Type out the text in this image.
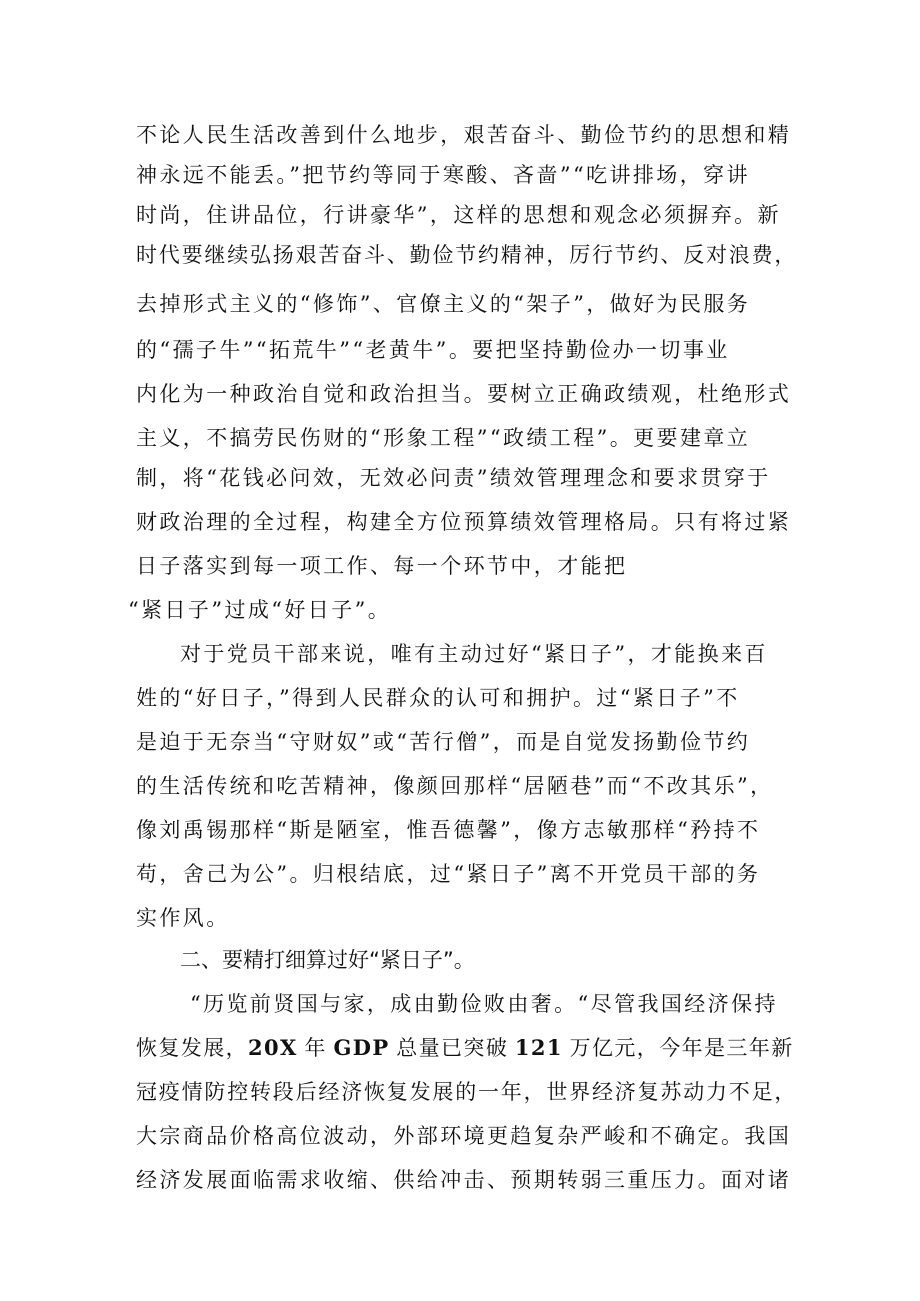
不论人民生活改善到什么地步，艰苦奋斗、勤俭节约的思想和精
神永远不能丢。”把节约等同于寒酸、吝啬”“吃讲排场，穿讲
时尚，住讲品位，行讲豪华”，这样的思想和观念必须摒弃。新
时代要继续弘扬艰苦奋斗、勤俭节约精神，厉行节约、反对浪费，
去掉形式主义的“修饰”、官僚主义的“架子”，做好为民服务
的“孺子牛”“拓荒牛”“老黄牛”。要把坚持勤俭办一切事业
内化为一种政治自觉和政治担当。要树立正确政绩观，杜绝形式
主义，不搞劳民伤财的“形象工程”“政绩工程”。更要建章立
制，将“花钱必问效，无效必问责”绩效管理理念和要求贯穿于
财政治理的全过程，构建全方位预算绩效管理格局。只有将过紧
日子落实到每一项工作、每一个环节中，才能把
“紧日子”过成“好日子”。
对于党员干部来说，唯有主动过好“紧日子”，才能换来百
姓的“好日子，”得到人民群众的认可和拥护。过“紧日子”不
是迫于无奈当“守财奴”或“苦行僧”，而是自觉发扬勤俭节约
的生活传统和吃苦精神，像颜回那样“居陋巷”而“不改其乐”，
像刘禹锡那样“斯是陋室，惟吾德馨”，像方志敏那样“矜持不
苟，舍己为公”。归根结底，过“紧日子”离不开党员干部的务
实作风。
二、要精打细算过好“紧日子”。
“历览前贤国与家，成由勤俭败由奢。“尽管我国经济保持
恢复发展，20X  年  GDP  总量已突破  121  万亿元，今年是三年新
冠疫情防控转段后经济恢复发展的一年，世界经济复苏动力不足，
大宗商品价格高位波动，外部环境更趋复杂严峻和不确定。我国
经济发展面临需求收缩、供给冲击、预期转弱三重压力。面对诸
